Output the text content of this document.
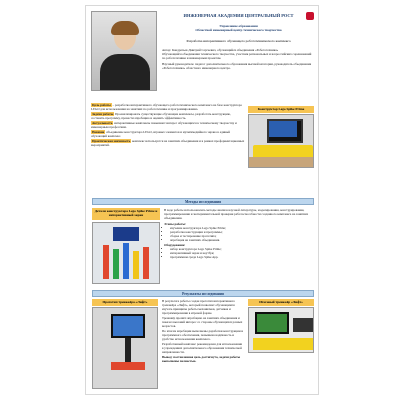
ИНЖЕНЕРНАЯ АКАДЕМИЯ ЦЕНТРАЛЬНЫЙ РОСТ
Управление образования
Областной инженерный центр технического творчества
Разработка интерактивного обучающего робототехнического комплекса
Автор: Кондратьев Дмитрий Сергеевич, обучающийся объединения «Робототехника»
Обучающийся объединения технического творчества, участник региональных и всероссийских соревнований по робототехнике и инженерным проектам.
Научный руководитель: педагог дополнительного образования высшей категории, руководитель объединения «Робототехника» областного инженерного центра.
Цель работы – разработка интерактивного обучающего робототехнического комплекса на базе конструктора LEGO для использования на занятиях по робототехнике и программированию.
Задачи работы Проанализировать существующие обучающие комплексы, разработать конструкцию, составить программу, провести апробацию и оценить эффективность.
Актуальность интерактивные комплексы повышают интерес обучающихся к техническому творчеству и инженерным профессиям.
Новизна объединение конструктора LEGO, игровых элементов и мультимедийного экрана в единый обучающий комплекс.
Практическая значимость комплекс используется на занятиях объединения и в рамках профориентационных мероприятий.
Конструктор Lego Spike Prime
Методы исследования
Детали конструктора Lego Spike Prime и интерактивный экран
В ходе работы использовались методы анализа научной литературы, моделирования, конструирования, программирования и экспериментальной проверки работоспособности созданного комплекса на занятиях объединения.
Этапы работы:
• изучение конструктора Lego Spike Prime;
• разработка конструкции и программы;
• сборка и тестирование прототипа;
• апробация на занятиях объединения.
Оборудование:
• набор конструктора Lego Spike Prime;
• интерактивный экран и ноутбук;
• программная среда Lego Spike App.
Результаты исследования
Прототип тренажёра «Лифт»	В результате работы создан прототип интерактивного тренажёра «Лифт», который позволяет обучающимся изучать принципы работы механизмов, датчиков и программирования в игровой форме.
Тренажёр прошёл апробацию на занятиях объединения и показал высокий интерес со стороны обучающихся разных возрастов.
По итогам апробации выполнены доработки конструкции и программного обеспечения, повышена надёжность и удобство использования комплекса.
Разработанный комплекс рекомендован для использования в учреждениях дополнительного образования технической направленности.
Вывод: поставленная цель достигнута, задачи работы выполнены полностью.
Итоговый тренажёр «Лифт»
